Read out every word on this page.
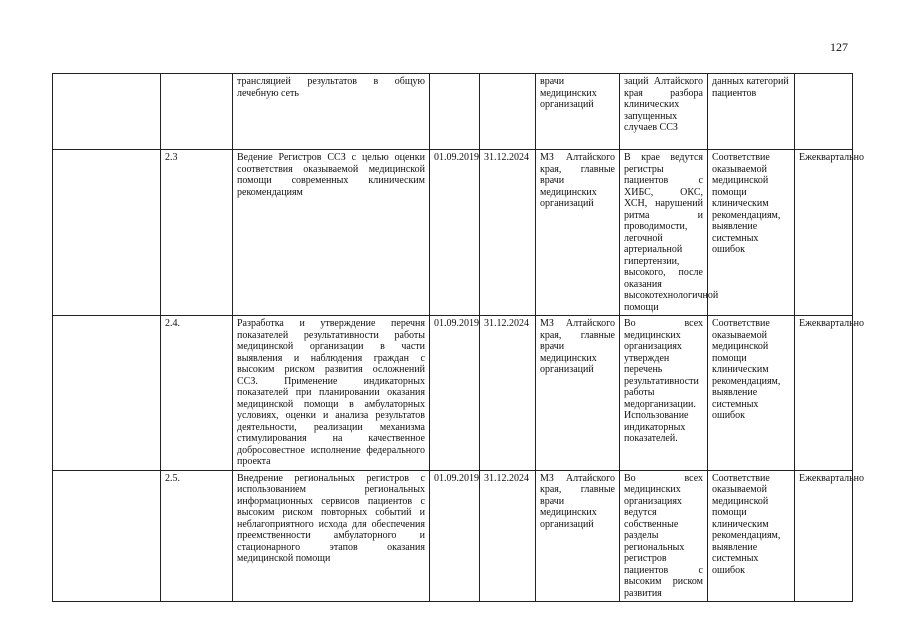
127
		трансляцией результатов в общую лечебную сеть			врачи медицинских организаций	заций Алтайского края разбора клинических запущенных случаев ССЗ	данных категорий пациентов	
	2.3	Ведение Регистров ССЗ с целью оценки соответствия оказываемой медицинской помощи современных клиническим рекомендациям	01.09.2019	31.12.2024	МЗ Алтайского края, главные врачи медицинских организаций	В крае ведутся регистры пациентов с ХИБС, ОКС, ХСН, нарушений ритма и проводимости, легочной артериальной гипертензии, высокого, после оказания высокотехнологичной помощи	Соответствие оказываемой медицинской помощи клиническим рекомендациям, выявление системных ошибок	Ежеквартально
	2.4.	Разработка и утверждение перечня показателей результативности работы медицинской организации в части выявления и наблюдения граждан с высоким риском развития осложнений ССЗ. Применение индикаторных показателей при планировании оказания медицинской помощи в амбулаторных условиях, оценки и анализа результатов деятельности, реализации механизма стимулирования на качественное добросовестное исполнение федерального проекта	01.09.2019	31.12.2024	МЗ Алтайского края, главные врачи медицинских организаций	Во всех медицинских организациях утвержден перечень результативности работы медорганизации. Использование индикаторных показателей.	Соответствие оказываемой медицинской помощи клиническим рекомендациям, выявление системных ошибок	Ежеквартально
	2.5.	Внедрение региональных регистров с использованием региональных информационных сервисов пациентов с высоким риском повторных событий и неблагоприятного исхода для обеспечения преемственности амбулаторного и стационарного этапов оказания медицинской помощи	01.09.2019	31.12.2024	МЗ Алтайского края, главные врачи медицинских организаций	Во всех медицинских организациях ведутся собственные разделы региональных регистров пациентов с высоким риском развития	Соответствие оказываемой медицинской помощи клиническим рекомендациям, выявление системных ошибок	Ежеквартально
